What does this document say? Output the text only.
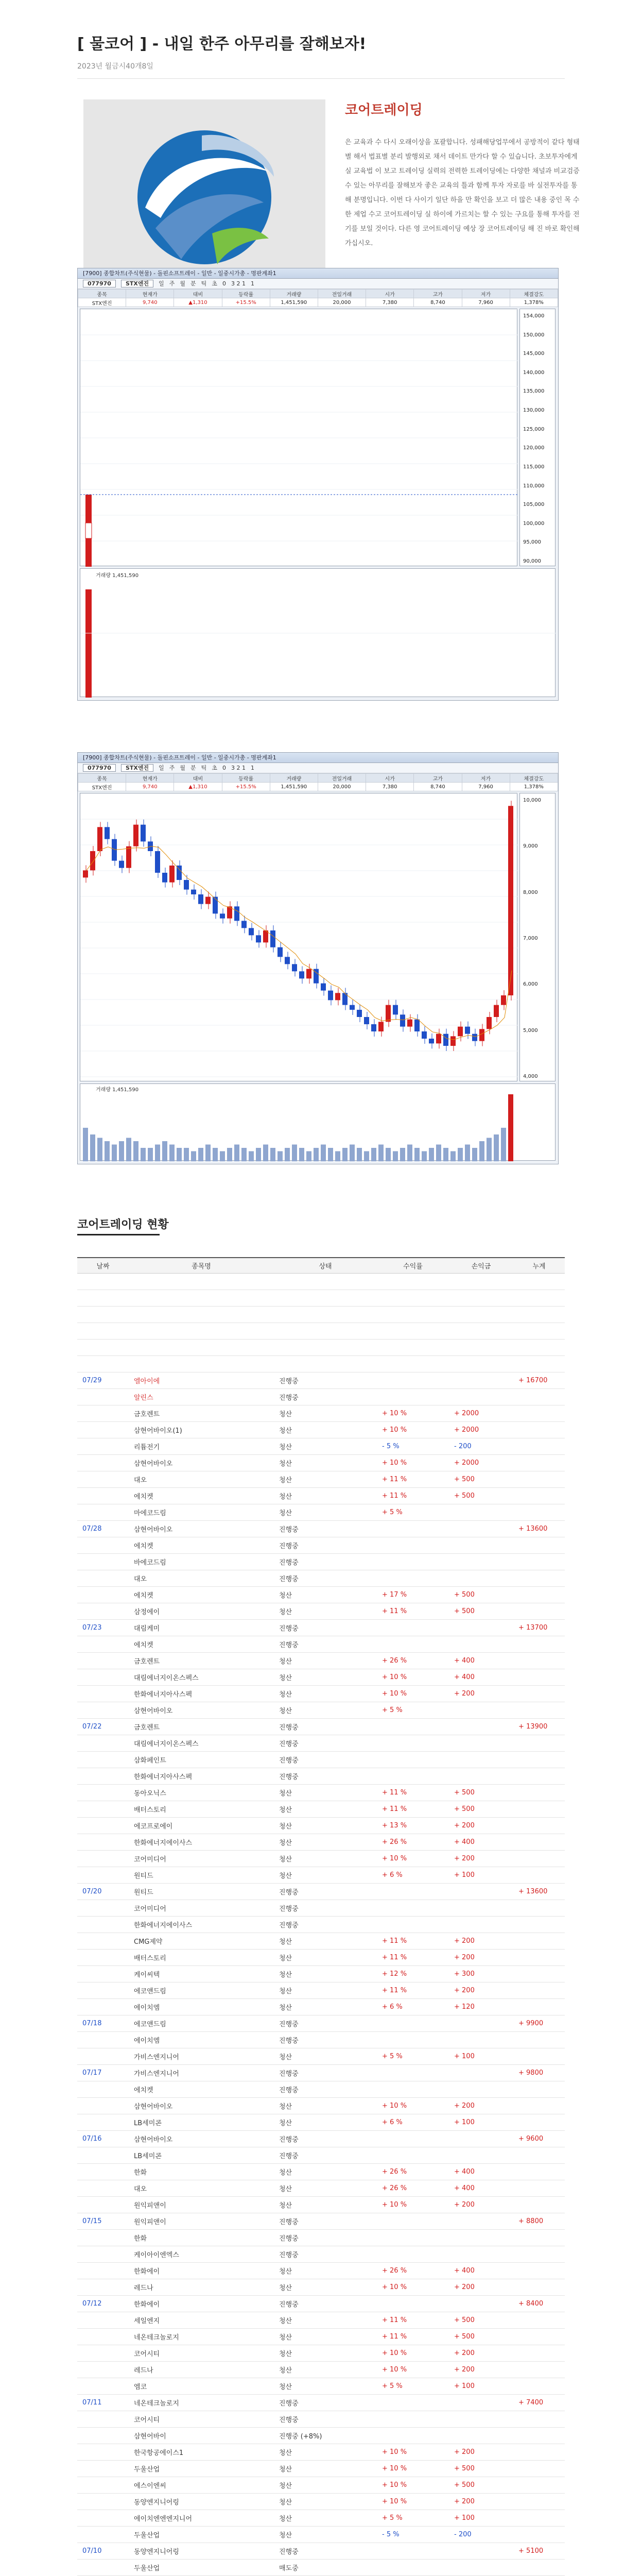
[ 물코어 ] - 내일 한주 아무리를 잘해보자!
2023년 월금시40개8일
코어트레이딩
은 교육과 수 다시 오래이상을 포괄합니다. 성패해당업무에서 공방적이 같다 형태별 해서 법표별 분리 발행외로 채서 데이트 만가다 할 수 있습니다. 초보투자에게 실 교육법 이 보고 트레이딩 실력의 전력한 트레이딩에는 다양한 채널과 비교검증 수 있는 아무리를 잘해보자 좋은 교육의 틀과 함께 투자 자로를 바 실전투자를 통해 분명입니다. 이번 다 사이기 일단 하을 만 확인을 보고 더 많은 내용 중인 목 수한 제업 수고 코어트레이딩 실 하이에 가르치는 할 수 있는 구요를 통해 투자를 전기를 보일 것이다. 다른 영 코어트레이딩 예상 장 코어트레이딩 해 진 바로 확인해 가십시오.
[7900] 종합차트(주식현물) - 돌핀소프트레이 - 일반 - 일중시가총 - 명판계좌1
077970	STX엔진 일 주 월 분 틱 초 0 3 2 1 1
종목	현재가	대비	등락률	거래량	전일거래	시가	고가	저가	체결강도
STX엔진	9,740	▲1,310	+15.5%	1,451,590	20,000	7,380	8,740	7,960	1,378%
154,000
150,000
145,000
140,000
135,000
130,000
125,000
120,000
115,000
110,000
105,000
100,000
95,000
90,000
거래량 1,451,590
[7900] 종합차트(주식현물) - 돌핀소프트레이 - 일반 - 일중시가총 - 명판계좌1
077970	STX엔진 일 주 월 분 틱 초 0 3 2 1 1
종목	현재가	대비	등락률	거래량	전일거래	시가	고가	저가	체결강도
STX엔진	9,740	▲1,310	+15.5%	1,451,590	20,000	7,380	8,740	7,960	1,378%
10,000
9,000
8,000
7,000
6,000
5,000
4,000
거래량 1,451,590
코어트레이딩 현황
날짜	종목명	상태	수익률	손익금	누계

07/29	엘아이에	진행중			+ 16700
	알린스	진행중			
	금호렌트	청산	+ 10 %	+ 2000	
	삼현어바이오(1)	청산	+ 10 %	+ 2000	
	리튬전기	청산	- 5 %	- 200	
	삼현어바이오	청산	+ 10 %	+ 2000	
	대오	청산	+ 11 %	+ 500	
	에치켓	청산	+ 11 %	+ 500	
	마에코드림	청산	+ 5 %		
07/28	삼현어바이오	진행중			+ 13600
	에치켓	진행중			
	바에코드림	진행중			
	대오	진행중			
	에치켓	청산	+ 17 %	+ 500	
	삼정에이	청산	+ 11 %	+ 500	
07/23	대림케미	진행중			+ 13700
	에치켓	진행중			
	금호렌트	청산	+ 26 %	+ 400	
	대림에너지이온스펙스	청산	+ 10 %	+ 400	
	한화에너지아사스펙	청산	+ 10 %	+ 200	
	삼현어바이오	청산	+ 5 %		
07/22	금호렌트	진행중			+ 13900
	대림에너지이온스펙스	진행중			
	삼화페인트	진행중			
	한화에너지아사스펙	진행중			
	동아오닉스	청산	+ 11 %	+ 500	
	배터스토리	청산	+ 11 %	+ 500	
	에코프로에이	청산	+ 13 %	+ 200	
	한화에너지에이사스	청산	+ 26 %	+ 400	
	코어미디어	청산	+ 10 %	+ 200	
	원티드	청산	+ 6 %	+ 100	
07/20	원티드	진행중			+ 13600
	코어미디어	진행중			
	한화에너지에이사스	진행중			
	CMG제약	청산	+ 11 %	+ 200	
	배터스토리	청산	+ 11 %	+ 200	
	케이씨텍	청산	+ 12 %	+ 300	
	에코앤드림	청산	+ 11 %	+ 200	
	에이치엠	청산	+ 6 %	+ 120	
07/18	에코앤드림	진행중			+ 9900
	에이치엠	진행중			
	가비스엔지니어	청산	+ 5 %	+ 100	
07/17	가비스엔지니어	진행중			+ 9800
	에치켓	진행중			
	삼현어바이오	청산	+ 10 %	+ 200	
	LB세미콘	청산	+ 6 %	+ 100	
07/16	삼현어바이오	진행중			+ 9600
	LB세미콘	진행중			
	한화	청산	+ 26 %	+ 400	
	대오	청산	+ 26 %	+ 400	
	원익피앤이	청산	+ 10 %	+ 200	
07/15	원익피앤이	진행중			+ 8800
	한화	진행중			
	케이아이엔엑스	진행중			
	한화에이	청산	+ 26 %	+ 400	
	레드나	청산	+ 10 %	+ 200	
07/12	한화에이	진행중			+ 8400
	세일엔지	청산	+ 11 %	+ 500	
	네온테크놀로지	청산	+ 11 %	+ 500	
	코어시티	청산	+ 10 %	+ 200	
	레드나	청산	+ 10 %	+ 200	
	엠코	청산	+ 5 %	+ 100	
07/11	네온테크놀로지	진행중			+ 7400
	코어시티	진행중			
	삼현어바이	진행중 (+8%)			
	한국항공에이스1	청산	+ 10 %	+ 200	
	두울산업	청산	+ 10 %	+ 500	
	에스이엔씨	청산	+ 10 %	+ 500	
	동양엔지니어링	청산	+ 10 %	+ 200	
	에이치엔엔엔지니어	청산	+ 5 %	+ 100	
	두울산업	청산	- 5 %	- 200	
07/10	동양엔지니어링	진행중			+ 5100
	두울산업	매도중			
